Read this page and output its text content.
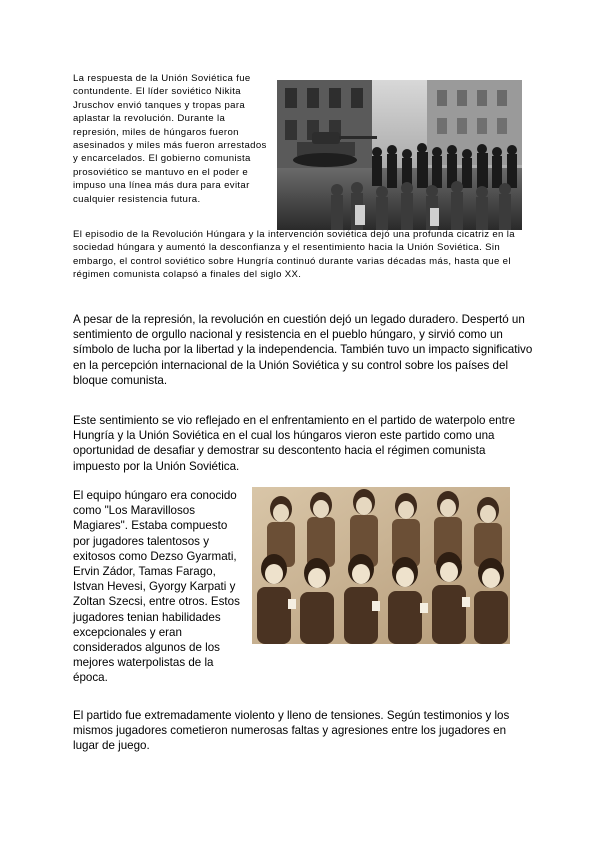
La respuesta de la Unión Soviética fue contundente. El líder soviético Nikita Jruschov envió tanques y tropas para aplastar la revolución. Durante la represión, miles de húngaros fueron asesinados y miles más fueron arrestados y encarcelados. El gobierno comunista prosoviético se mantuvo en el poder e impuso una línea más dura para evitar cualquier resistencia futura.

El episodio de la Revolución Húngara y la intervención soviética dejó una profunda cicatriz en la sociedad húngara y aumentó la desconfianza y el resentimiento hacia la Unión Soviética. Sin embargo, el control soviético sobre Hungría continuó durante varias décadas más, hasta que el régimen comunista colapsó a finales del siglo XX.

A pesar de la represión, la revolución en cuestión dejó un legado duradero. Despertó un sentimiento de orgullo nacional y resistencia en el pueblo húngaro, y sirvió como un símbolo de lucha por la libertad y la independencia. También tuvo un impacto significativo en la percepción internacional de la Unión Soviética y su control sobre los países del bloque comunista.

Este sentimiento se vio reflejado en el enfrentamiento en el partido de waterpolo entre Hungría y la Unión Soviética en el cual los húngaros vieron este partido como una oportunidad de desafiar y demostrar su descontento hacia el régimen comunista impuesto por la Unión Soviética.

El equipo húngaro era conocido como "Los Maravillosos Magiares". Estaba compuesto por jugadores talentosos y exitosos como Dezso Gyarmati, Ervin Zádor, Tamas Farago, Istvan Hevesi, Gyorgy Karpati y Zoltan Szecsi, entre otros. Estos jugadores tenian habilidades excepcionales y eran considerados algunos de los mejores waterpolistas de la época.

El partido fue extremadamente violento y lleno de tensiones. Según testimonios y los mismos jugadores cometieron numerosas faltas y agresiones entre los jugadores en lugar de juego.
